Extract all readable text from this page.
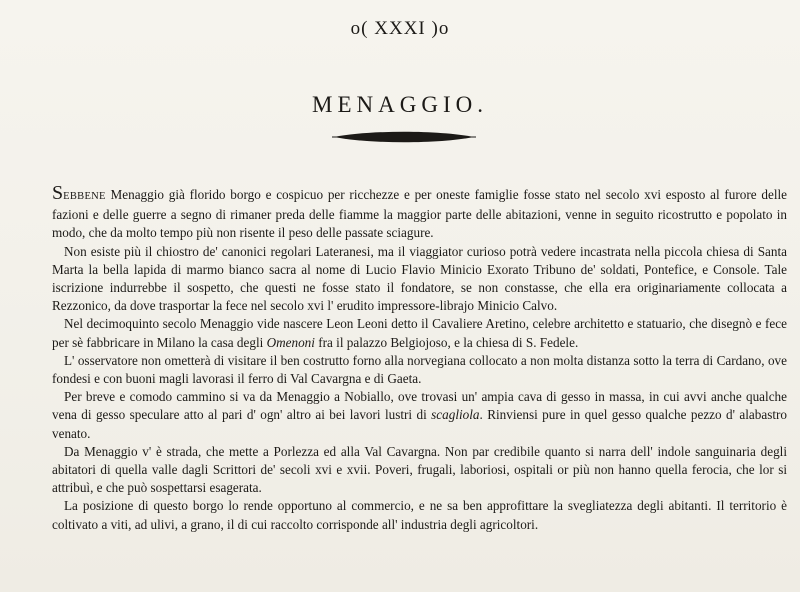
o( XXXI )o
MENAGGIO.

SEBBENE Menaggio già florido borgo e cospicuo per ricchezze e per oneste famiglie fosse stato nel secolo xvi esposto al furore delle fazioni e delle guerre a segno di rimaner preda delle fiamme la maggior parte delle abitazioni, venne in seguito ricostrutto e popolato in modo, che da molto tempo più non risente il peso delle passate sciagure.

Non esiste più il chiostro de' canonici regolari Lateranesi, ma il viaggiator curioso potrà vedere incastrata nella piccola chiesa di Santa Marta la bella lapida di marmo bianco sacra al nome di Lucio Flavio Minicio Exorato Tribuno de' soldati, Pontefice, e Console. Tale iscrizione indurrebbe il sospetto, che questi ne fosse stato il fondatore, se non constasse, che ella era originariamente collocata a Rezzonico, da dove trasportar la fece nel secolo xvi l' erudito impressore-librajo Minicio Calvo.

Nel decimoquinto secolo Menaggio vide nascere Leon Leoni detto il Cavaliere Aretino, celebre architetto e statuario, che disegnò e fece per sè fabbricare in Milano la casa degli Omenoni fra il palazzo Belgiojoso, e la chiesa di S. Fedele.

L' osservatore non ometterà di visitare il ben costrutto forno alla norvegiana collocato a non molta distanza sotto la terra di Cardano, ove fondesi e con buoni magli lavorasi il ferro di Val Cavargna e di Gaeta.

Per breve e comodo cammino si va da Menaggio a Nobiallo, ove trovasi un' ampia cava di gesso in massa, in cui avvi anche qualche vena di gesso speculare atto al pari d' ogn' altro ai bei lavori lustri di scagliola. Rinviensi pure in quel gesso qualche pezzo d' alabastro venato.

Da Menaggio v' è strada, che mette a Porlezza ed alla Val Cavargna. Non par credibile quanto si narra dell' indole sanguinaria degli abitatori di quella valle dagli Scrittori de' secoli xvi e xvii. Poveri, frugali, laboriosi, ospitali or più non hanno quella ferocia, che lor si attribuì, e che può sospettarsi esagerata.

La posizione di questo borgo lo rende opportuno al commercio, e ne sa ben approfittare la svegliatezza degli abitanti. Il territorio è coltivato a viti, ad ulivi, a grano, il di cui raccolto corrisponde all' industria degli agricoltori.
